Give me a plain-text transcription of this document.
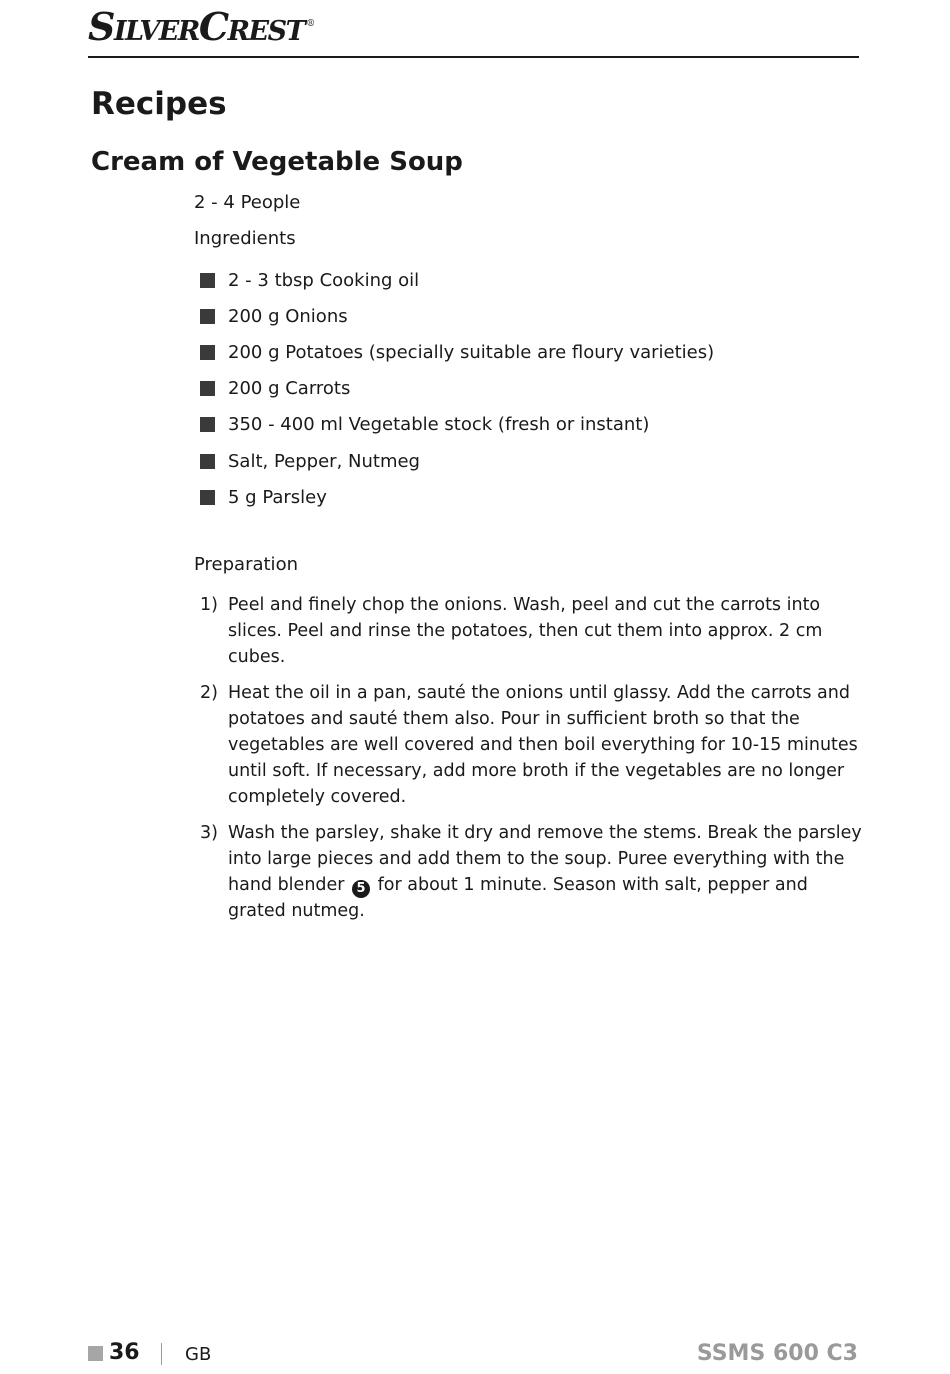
SilverCrest ®
Recipes
Cream of Vegetable Soup
2 - 4 People
Ingredients
2 - 3 tbsp Cooking oil
200 g Onions
200 g Potatoes (specially suitable are floury varieties)
200 g Carrots
350 - 400 ml Vegetable stock (fresh or instant)
Salt, Pepper, Nutmeg
5 g Parsley
Preparation
1) Peel and finely chop the onions. Wash, peel and cut the carrots into slices. Peel and rinse the potatoes, then cut them into approx. 2 cm cubes.
2) Heat the oil in a pan, sauté the onions until glassy. Add the carrots and potatoes and sauté them also. Pour in sufficient broth so that the vegetables are well covered and then boil everything for 10-15 minutes until soft. If necessary, add more broth if the vegetables are no longer completely covered.
3) Wash the parsley, shake it dry and remove the stems. Break the parsley into large pieces and add them to the soup. Puree everything with the hand blender 5 for about 1 minute. Season with salt, pepper and grated nutmeg.
36	GB	SSMS 600 C3
